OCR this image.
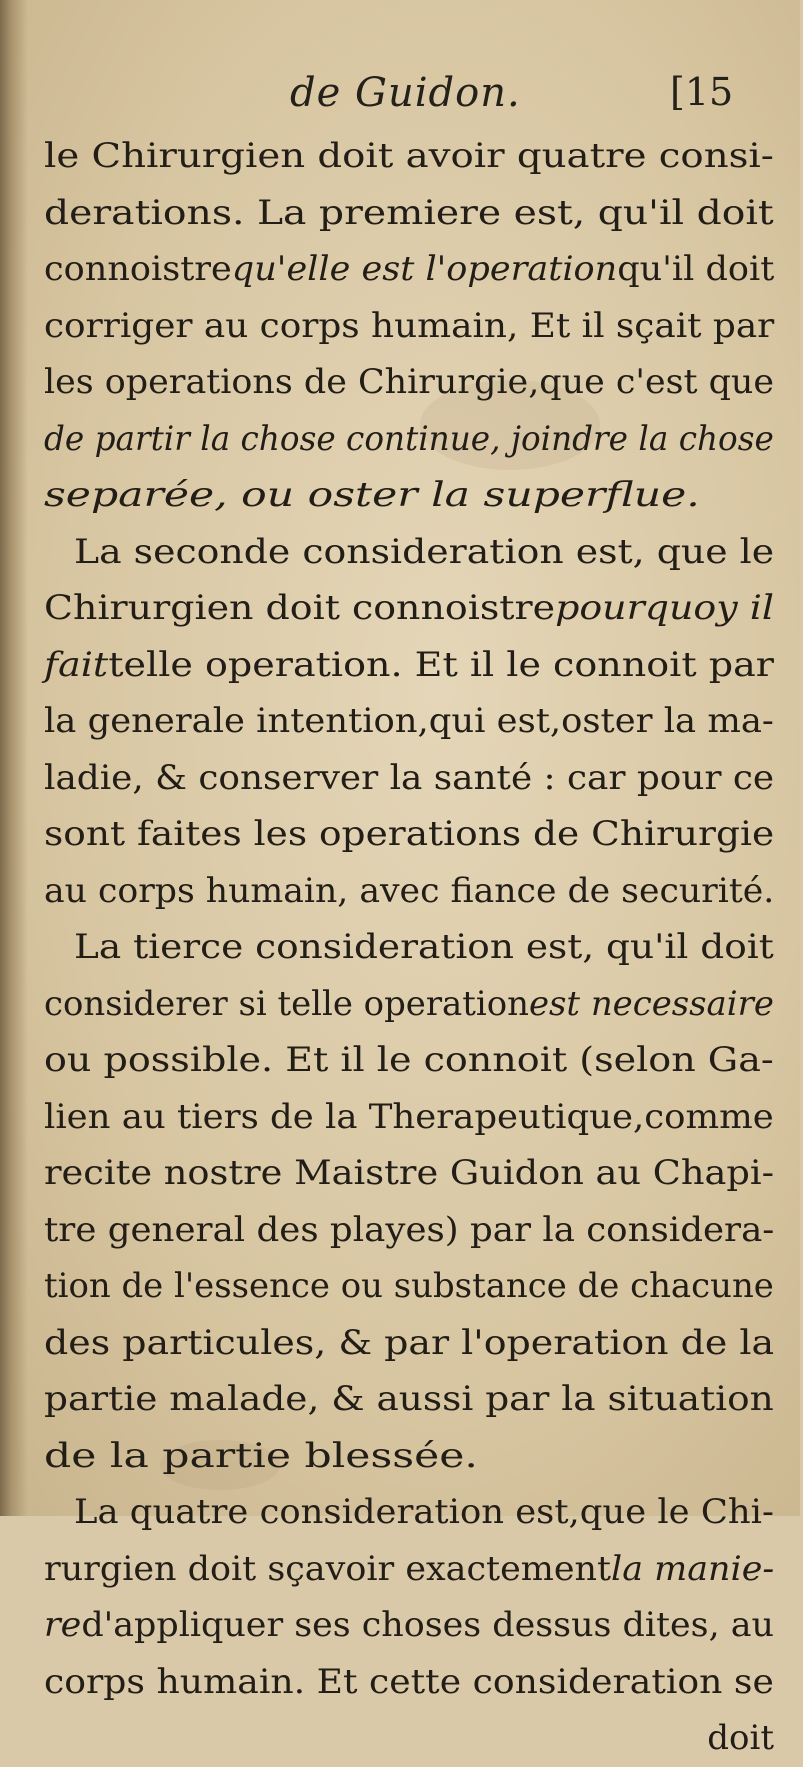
de Guidon.	[15
le Chirurgien doit avoir quatre consi-
derations. La premiere est, qu'il doit
connoistrequ'elle est l'operationqu'il doit
corriger au corps humain, Et il sçait par
les operations de Chirurgie,que c'est que
de partir la chose continue, joindre la chose
separée, ou oster la superflue.
La seconde consideration est, que le
Chirurgien doit connoistrepourquoy il
faittelle operation. Et il le connoit par
la generale intention,qui est,oster la ma-
ladie, & conserver la santé : car pour ce
sont faites les operations de Chirurgie
au corps humain, avec fiance de securité.
La tierce consideration est, qu'il doit
considerer si telle operationest necessaire
ou possible. Et il le connoit (selon Ga-
lien au tiers de la Therapeutique,comme
recite nostre Maistre Guidon au Chapi-
tre general des playes) par la considera-
tion de l'essence ou substance de chacune
des particules, & par l'operation de la
partie malade, & aussi par la situation
de la partie blessée.
La quatre consideration est,que le Chi-
rurgien doit sçavoir exactementla manie-
red'appliquer ses choses dessus dites, au
corps humain. Et cette consideration se
doit
